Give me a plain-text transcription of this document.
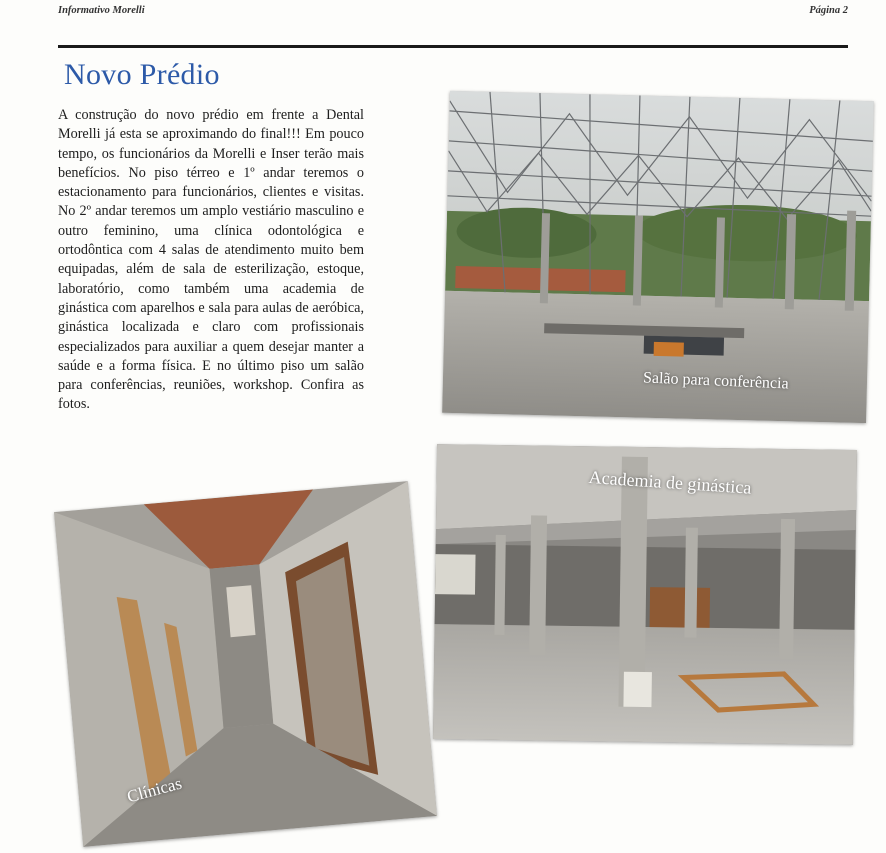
Informativo Morelli	Página 2
Novo Prédio

A construção do novo prédio em frente a Dental Morelli já esta se aproximando do final!!! Em pouco tempo, os funcionários da Morelli e Inser terão mais benefícios. No piso térreo e 1º andar teremos o estacionamento para funcionários, clientes e visitas. No 2º andar teremos um amplo vestiário masculino e outro feminino, uma clínica odontológica e ortodôntica com 4 salas de atendimento muito bem equipadas, além de sala de esterilização, estoque, laboratório, como também uma academia de ginástica com aparelhos e sala para aulas de aeróbica, ginástica localizada e claro com profissionais especializados para auxiliar a quem desejar manter a saúde e a forma física. E no último piso um salão para conferências, reuniões, workshop. Confira as fotos.

Salão para conferência
Academia de ginástica
Clínicas
